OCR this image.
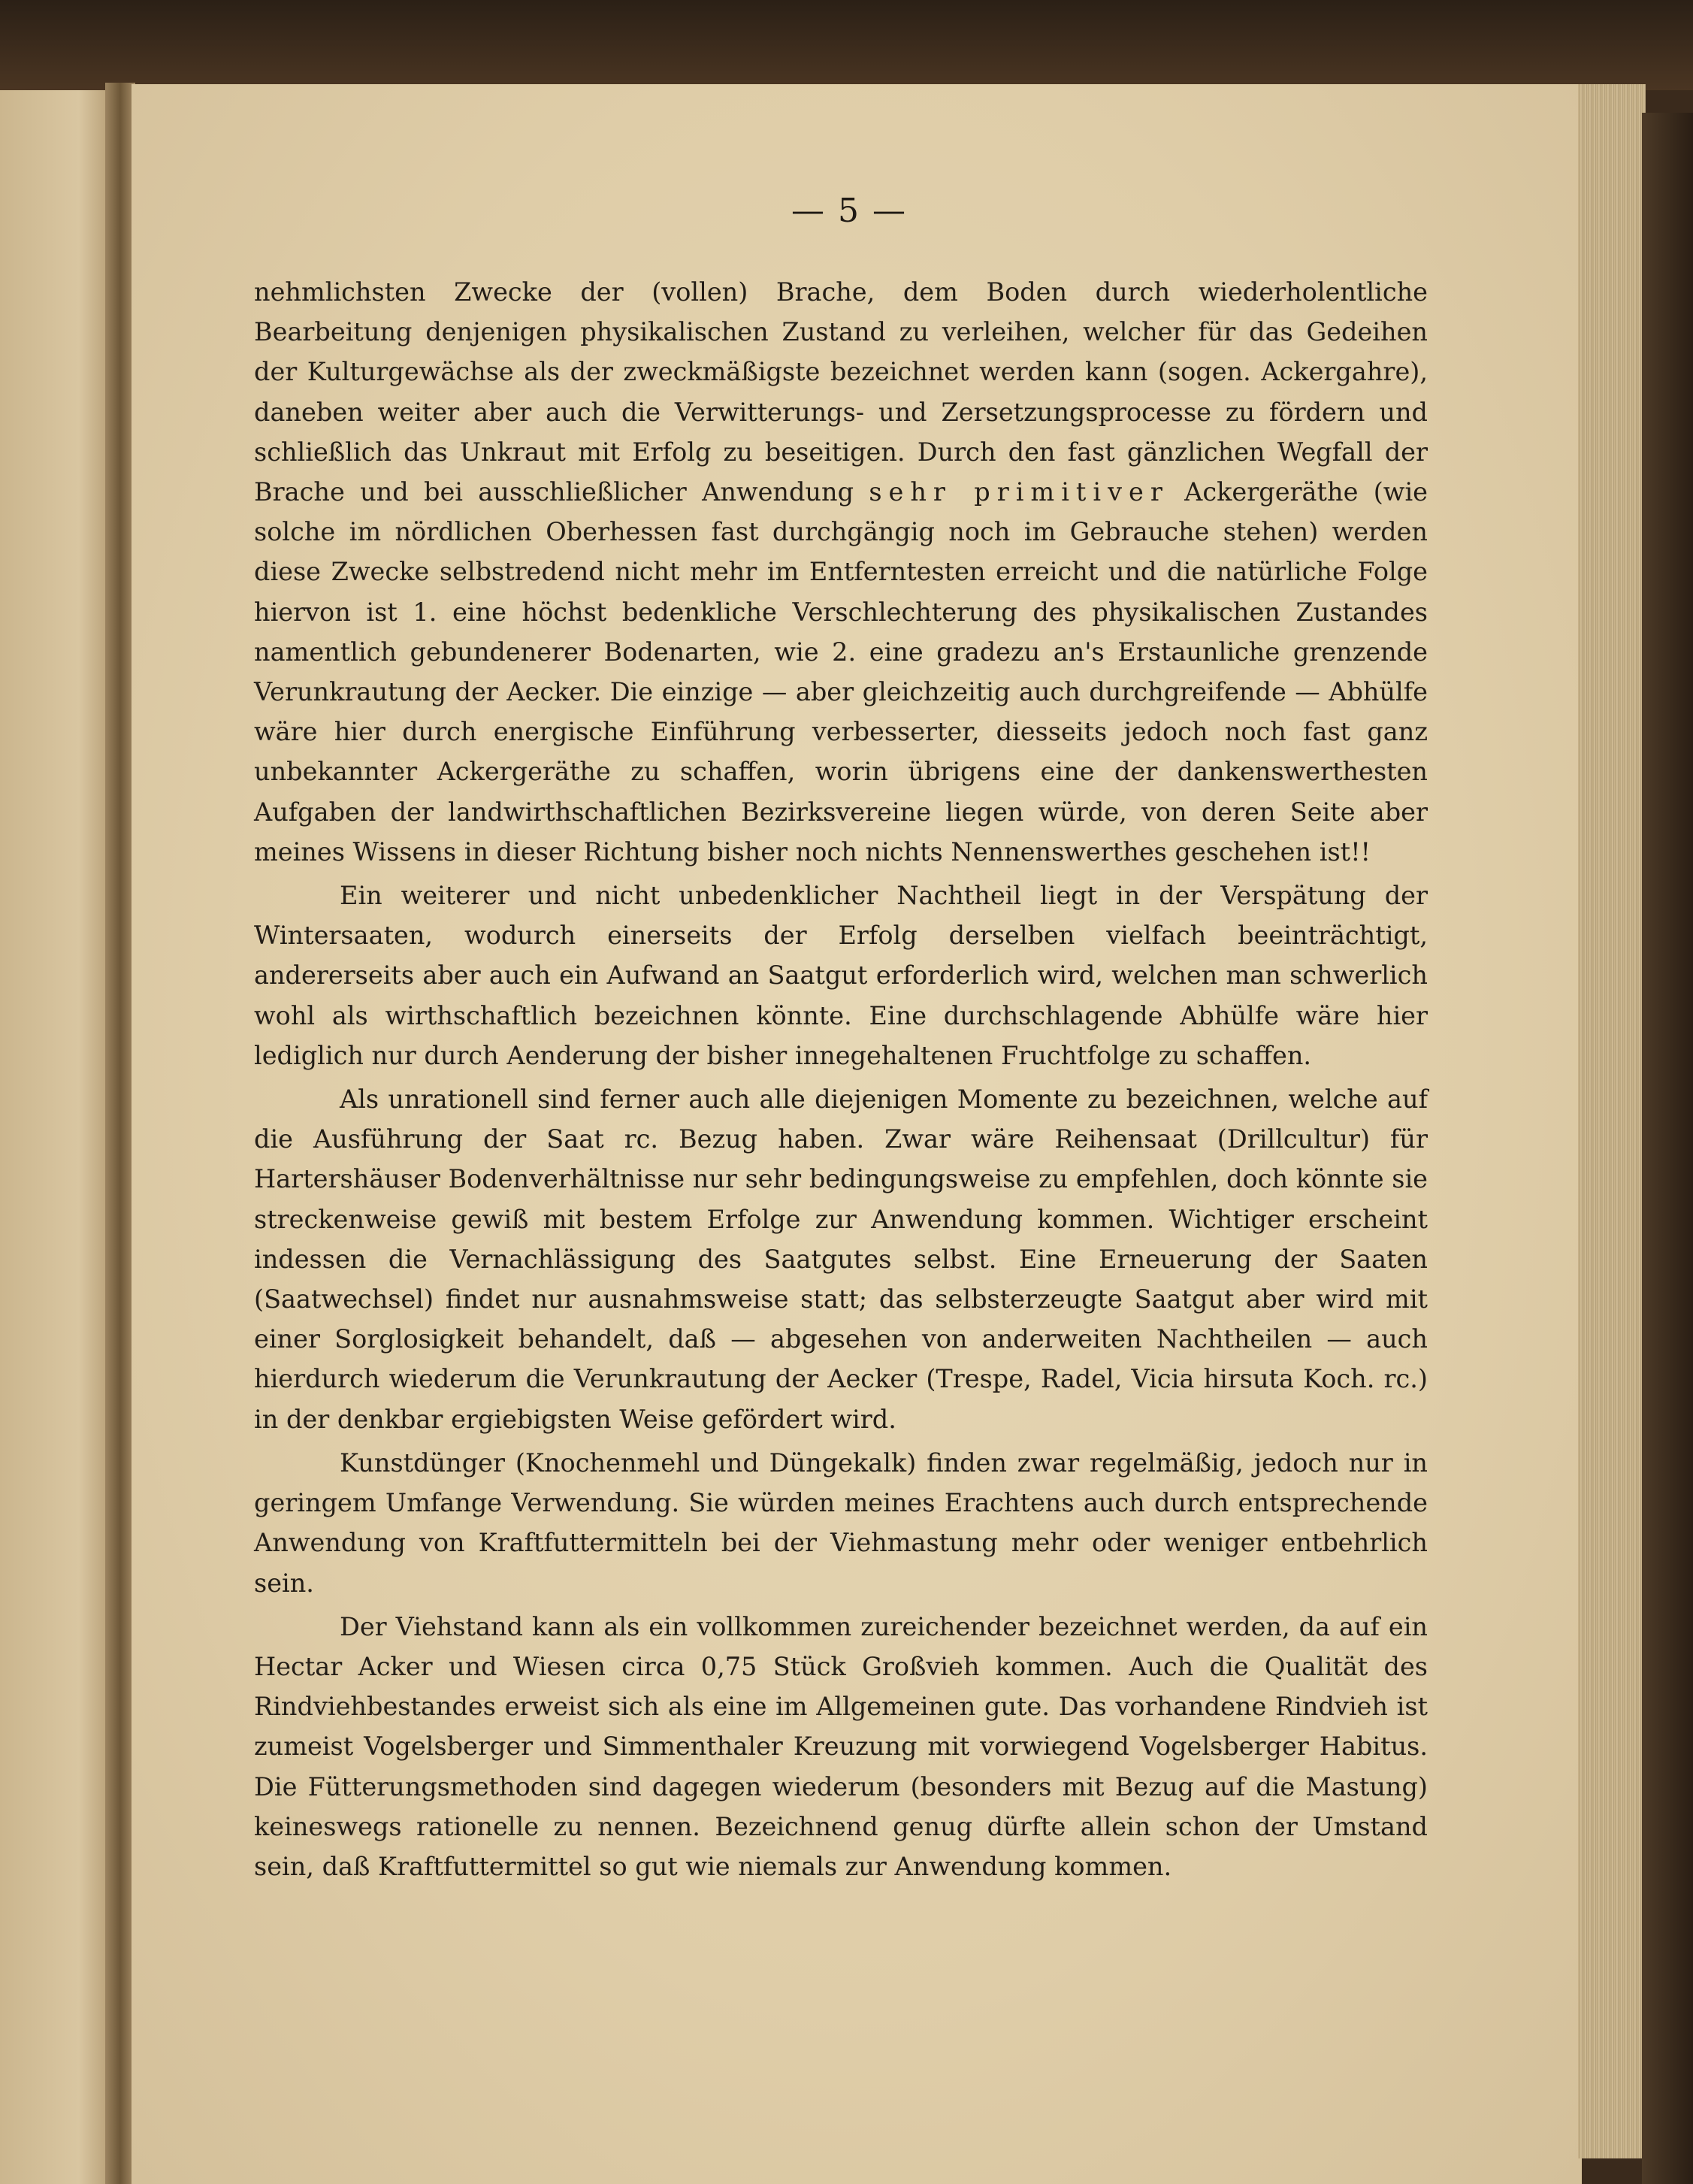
— 5 —

nehmlichsten Zwecke der (vollen) Brache, dem Boden durch wiederholentliche Bearbeitung denjenigen physikalischen Zustand zu verleihen, welcher für das Gedeihen der Kulturgewächse als der zweckmäßigste bezeichnet werden kann (sogen. Ackergahre), daneben weiter aber auch die Verwitterungs- und Zersetzungsprocesse zu fördern und schließlich das Unkraut mit Erfolg zu beseitigen. Durch den fast gänzlichen Wegfall der Brache und bei ausschließlicher Anwendung sehr primitiver Ackergeräthe (wie solche im nördlichen Oberhessen fast durchgängig noch im Gebrauche stehen) werden diese Zwecke selbstredend nicht mehr im Entferntesten erreicht und die natürliche Folge hiervon ist 1. eine höchst bedenkliche Verschlechterung des physikalischen Zustandes namentlich gebundenerer Bodenarten, wie 2. eine gradezu an's Erstaunliche grenzende Verunkrautung der Aecker. Die einzige — aber gleichzeitig auch durchgreifende — Abhülfe wäre hier durch energische Einführung verbesserter, diesseits jedoch noch fast ganz unbekannter Ackergeräthe zu schaffen, worin übrigens eine der dankenswerthesten Aufgaben der landwirthschaftlichen Bezirksvereine liegen würde, von deren Seite aber meines Wissens in dieser Richtung bisher noch nichts Nennenswerthes geschehen ist!!

Ein weiterer und nicht unbedenklicher Nachtheil liegt in der Verspätung der Wintersaaten, wodurch einerseits der Erfolg derselben vielfach beeinträchtigt, andererseits aber auch ein Aufwand an Saatgut erforderlich wird, welchen man schwerlich wohl als wirthschaftlich bezeichnen könnte. Eine durchschlagende Abhülfe wäre hier lediglich nur durch Aenderung der bisher innegehaltenen Fruchtfolge zu schaffen.

Als unrationell sind ferner auch alle diejenigen Momente zu bezeichnen, welche auf die Ausführung der Saat rc. Bezug haben. Zwar wäre Reihensaat (Drillcultur) für Hartershäuser Bodenverhältnisse nur sehr bedingungsweise zu empfehlen, doch könnte sie streckenweise gewiß mit bestem Erfolge zur Anwendung kommen. Wichtiger erscheint indessen die Vernachlässigung des Saatgutes selbst. Eine Erneuerung der Saaten (Saatwechsel) findet nur ausnahmsweise statt; das selbsterzeugte Saatgut aber wird mit einer Sorglosigkeit behandelt, daß — abgesehen von anderweiten Nachtheilen — auch hierdurch wiederum die Verunkrautung der Aecker (Trespe, Radel, Vicia hirsuta Koch. rc.) in der denkbar ergiebigsten Weise gefördert wird.

Kunstdünger (Knochenmehl und Düngekalk) finden zwar regelmäßig, jedoch nur in geringem Umfange Verwendung. Sie würden meines Erachtens auch durch entsprechende Anwendung von Kraftfuttermitteln bei der Viehmastung mehr oder weniger entbehrlich sein.

Der Viehstand kann als ein vollkommen zureichender bezeichnet werden, da auf ein Hectar Acker und Wiesen circa 0,75 Stück Großvieh kommen. Auch die Qualität des Rindviehbestandes erweist sich als eine im Allgemeinen gute. Das vorhandene Rindvieh ist zumeist Vogelsberger und Simmenthaler Kreuzung mit vorwiegend Vogelsberger Habitus. Die Fütterungsmethoden sind dagegen wiederum (besonders mit Bezug auf die Mastung) keineswegs rationelle zu nennen. Bezeichnend genug dürfte allein schon der Umstand sein, daß Kraftfuttermittel so gut wie niemals zur Anwendung kommen.
